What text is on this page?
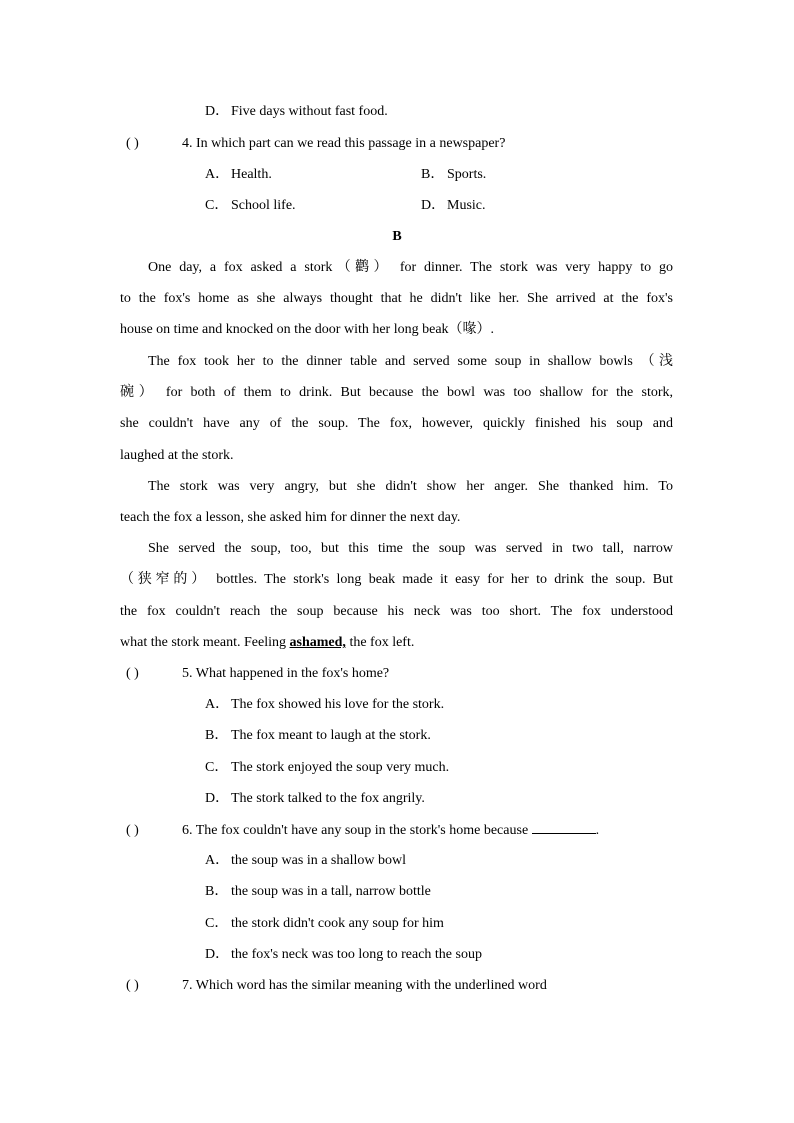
D． Five days without fast food.
( )	4. In which part can we read this passage in a newspaper?
A． Health.	B． Sports.
C． School life.	D． Music.
B
One day, a fox asked a stork（鹳） for dinner. The stork was very happy to go
to the fox's home as she always thought that he didn't like her. She arrived at the fox's
house on time and knocked on the door with her long beak（喙）.
The fox took her to the dinner table and served some soup in shallow bowls （浅
碗） for both of them to drink. But because the bowl was too shallow for the stork,
she couldn't have any of the soup. The fox, however, quickly finished his soup and
laughed at the stork.
The stork was very angry, but she didn't show her anger. She thanked him. To
teach the fox a lesson, she asked him for dinner the next day.
She served the soup, too, but this time the soup was served in two tall, narrow
（狭窄的） bottles. The stork's long beak made it easy for her to drink the soup. But
the fox couldn't reach the soup because his neck was too short. The fox understood
what the stork meant. Feeling ashamed, the fox left.
( )	5. What happened in the fox's home?
A． The fox showed his love for the stork.
B． The fox meant to laugh at the stork.
C． The stork enjoyed the soup very much.
D． The stork talked to the fox angrily.
( )	6. The fox couldn't have any soup in the stork's home because	.
A． the soup was in a shallow bowl
B． the soup was in a tall, narrow bottle
C． the stork didn't cook any soup for him
D． the fox's neck was too long to reach the soup
( )	7. Which word has the similar meaning with the underlined word
